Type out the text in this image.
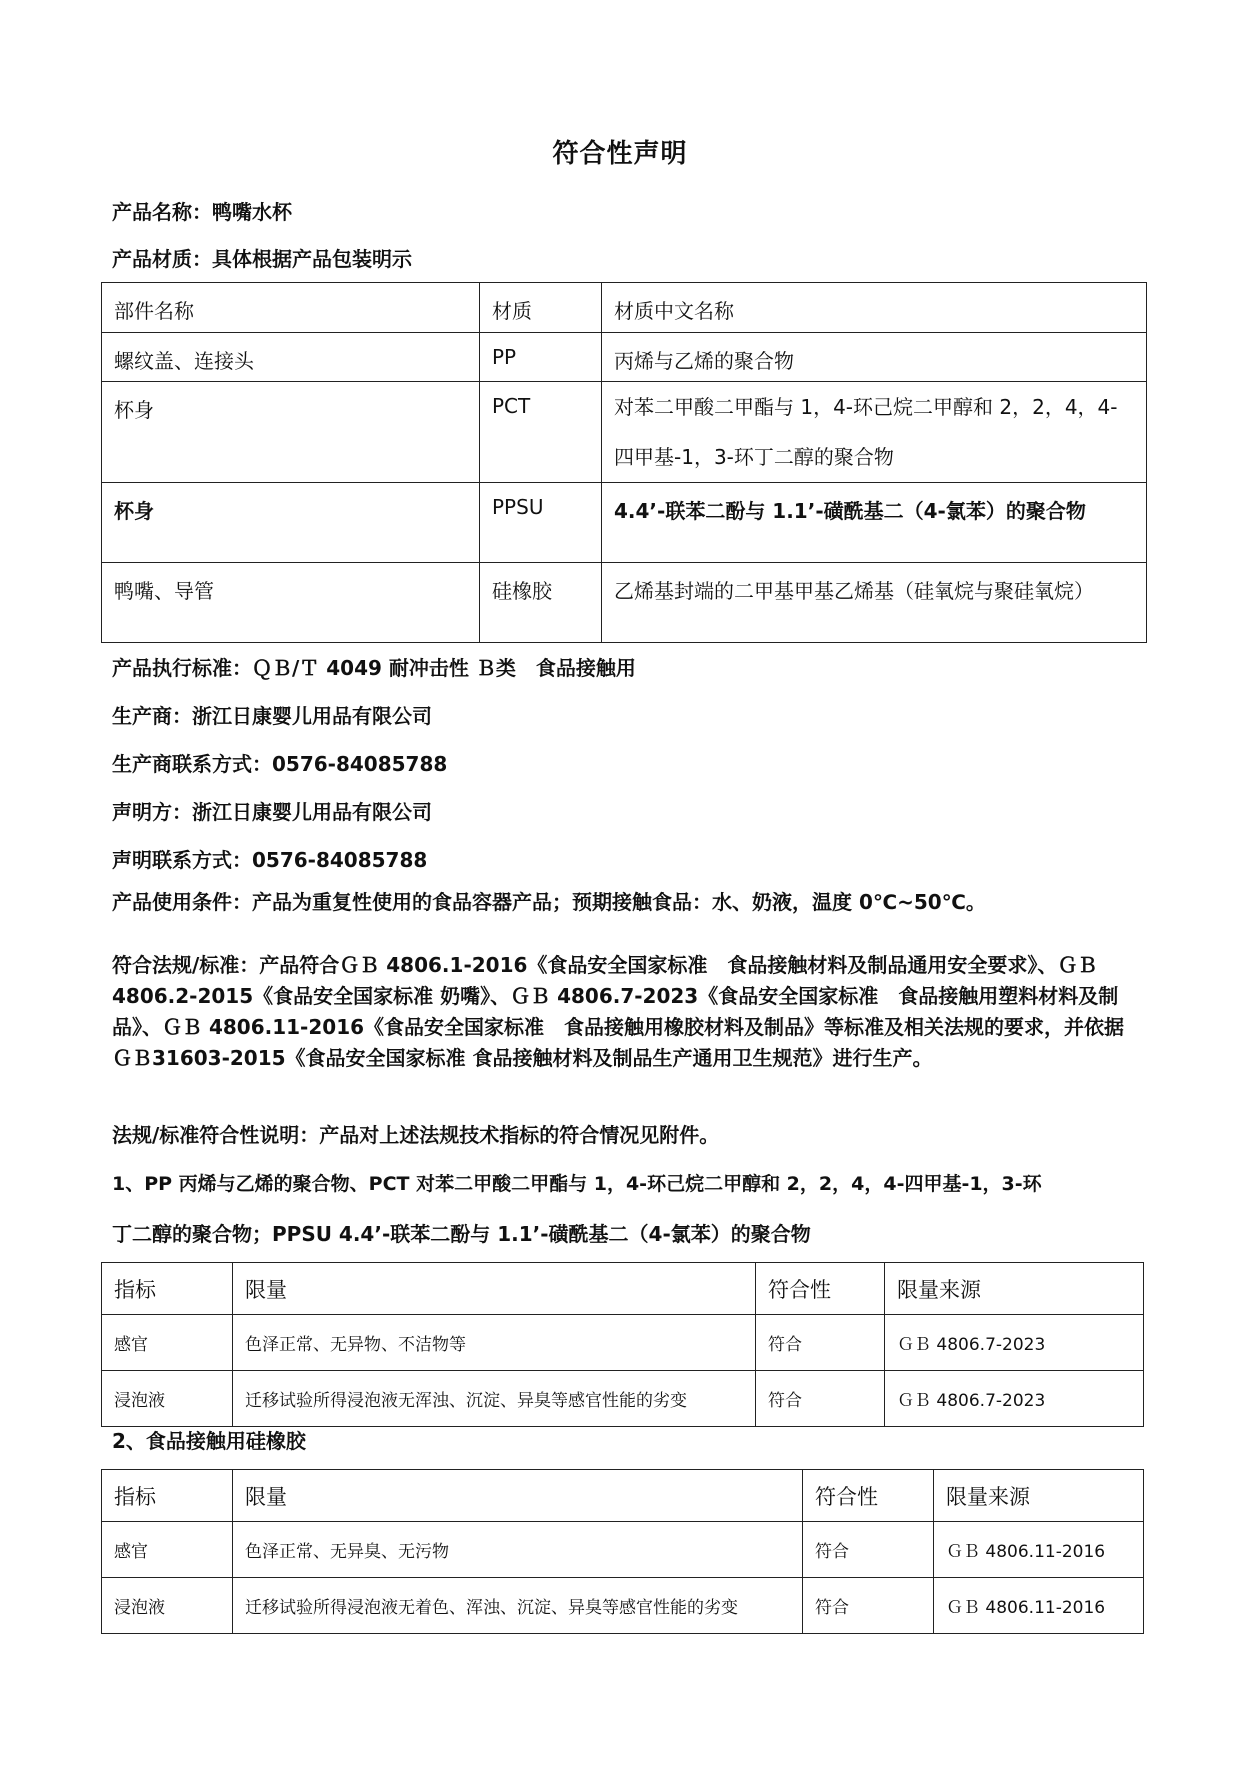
符合性声明
产品名称：鸭嘴水杯
产品材质：具体根据产品包装明示
部件名称	材质	材质中文名称
螺纹盖、连接头	PP	丙烯与乙烯的聚合物
杯身	PCT	对苯二甲酸二甲酯与 1，4-环己烷二甲醇和 2，2，4，4-四甲基-1，3-环丁二醇的聚合物
杯身	PPSU	4.4’-联苯二酚与 1.1’-磺酰基二（4-氯苯）的聚合物
鸭嘴、导管	硅橡胶	乙烯基封端的二甲基甲基乙烯基（硅氧烷与聚硅氧烷）
产品执行标准：ＱＢ/Ｔ 4049 耐冲击性 Ｂ类　食品接触用
生产商：浙江日康婴儿用品有限公司
生产商联系方式：0576-84085788
声明方：浙江日康婴儿用品有限公司
声明联系方式：0576-84085788
产品使用条件：产品为重复性使用的食品容器产品；预期接触食品：水、奶液，温度 0℃~50℃。
符合法规/标准：产品符合ＧＢ 4806.1-2016《食品安全国家标准　食品接触材料及制品通用安全要求》、ＧＢ 4806.2-2015《食品安全国家标准 奶嘴》、ＧＢ 4806.7-2023《食品安全国家标准　食品接触用塑料材料及制品》、ＧＢ 4806.11-2016《食品安全国家标准　食品接触用橡胶材料及制品》等标准及相关法规的要求，并依据ＧＢ31603-2015《食品安全国家标准 食品接触材料及制品生产通用卫生规范》进行生产。
法规/标准符合性说明：产品对上述法规技术指标的符合情况见附件。
1、PP 丙烯与乙烯的聚合物、PCT 对苯二甲酸二甲酯与 1，4-环己烷二甲醇和 2，2，4，4-四甲基-1，3-环
丁二醇的聚合物；PPSU 4.4’-联苯二酚与 1.1’-磺酰基二（4-氯苯）的聚合物
指标	限量	符合性	限量来源
感官	色泽正常、无异物、不洁物等	符合	ＧＢ 4806.7-2023
浸泡液	迁移试验所得浸泡液无浑浊、沉淀、异臭等感官性能的劣变	符合	ＧＢ 4806.7-2023
2、食品接触用硅橡胶
指标	限量	符合性	限量来源
感官	色泽正常、无异臭、无污物	符合	ＧＢ 4806.11-2016
浸泡液	迁移试验所得浸泡液无着色、浑浊、沉淀、异臭等感官性能的劣变	符合	ＧＢ 4806.11-2016
